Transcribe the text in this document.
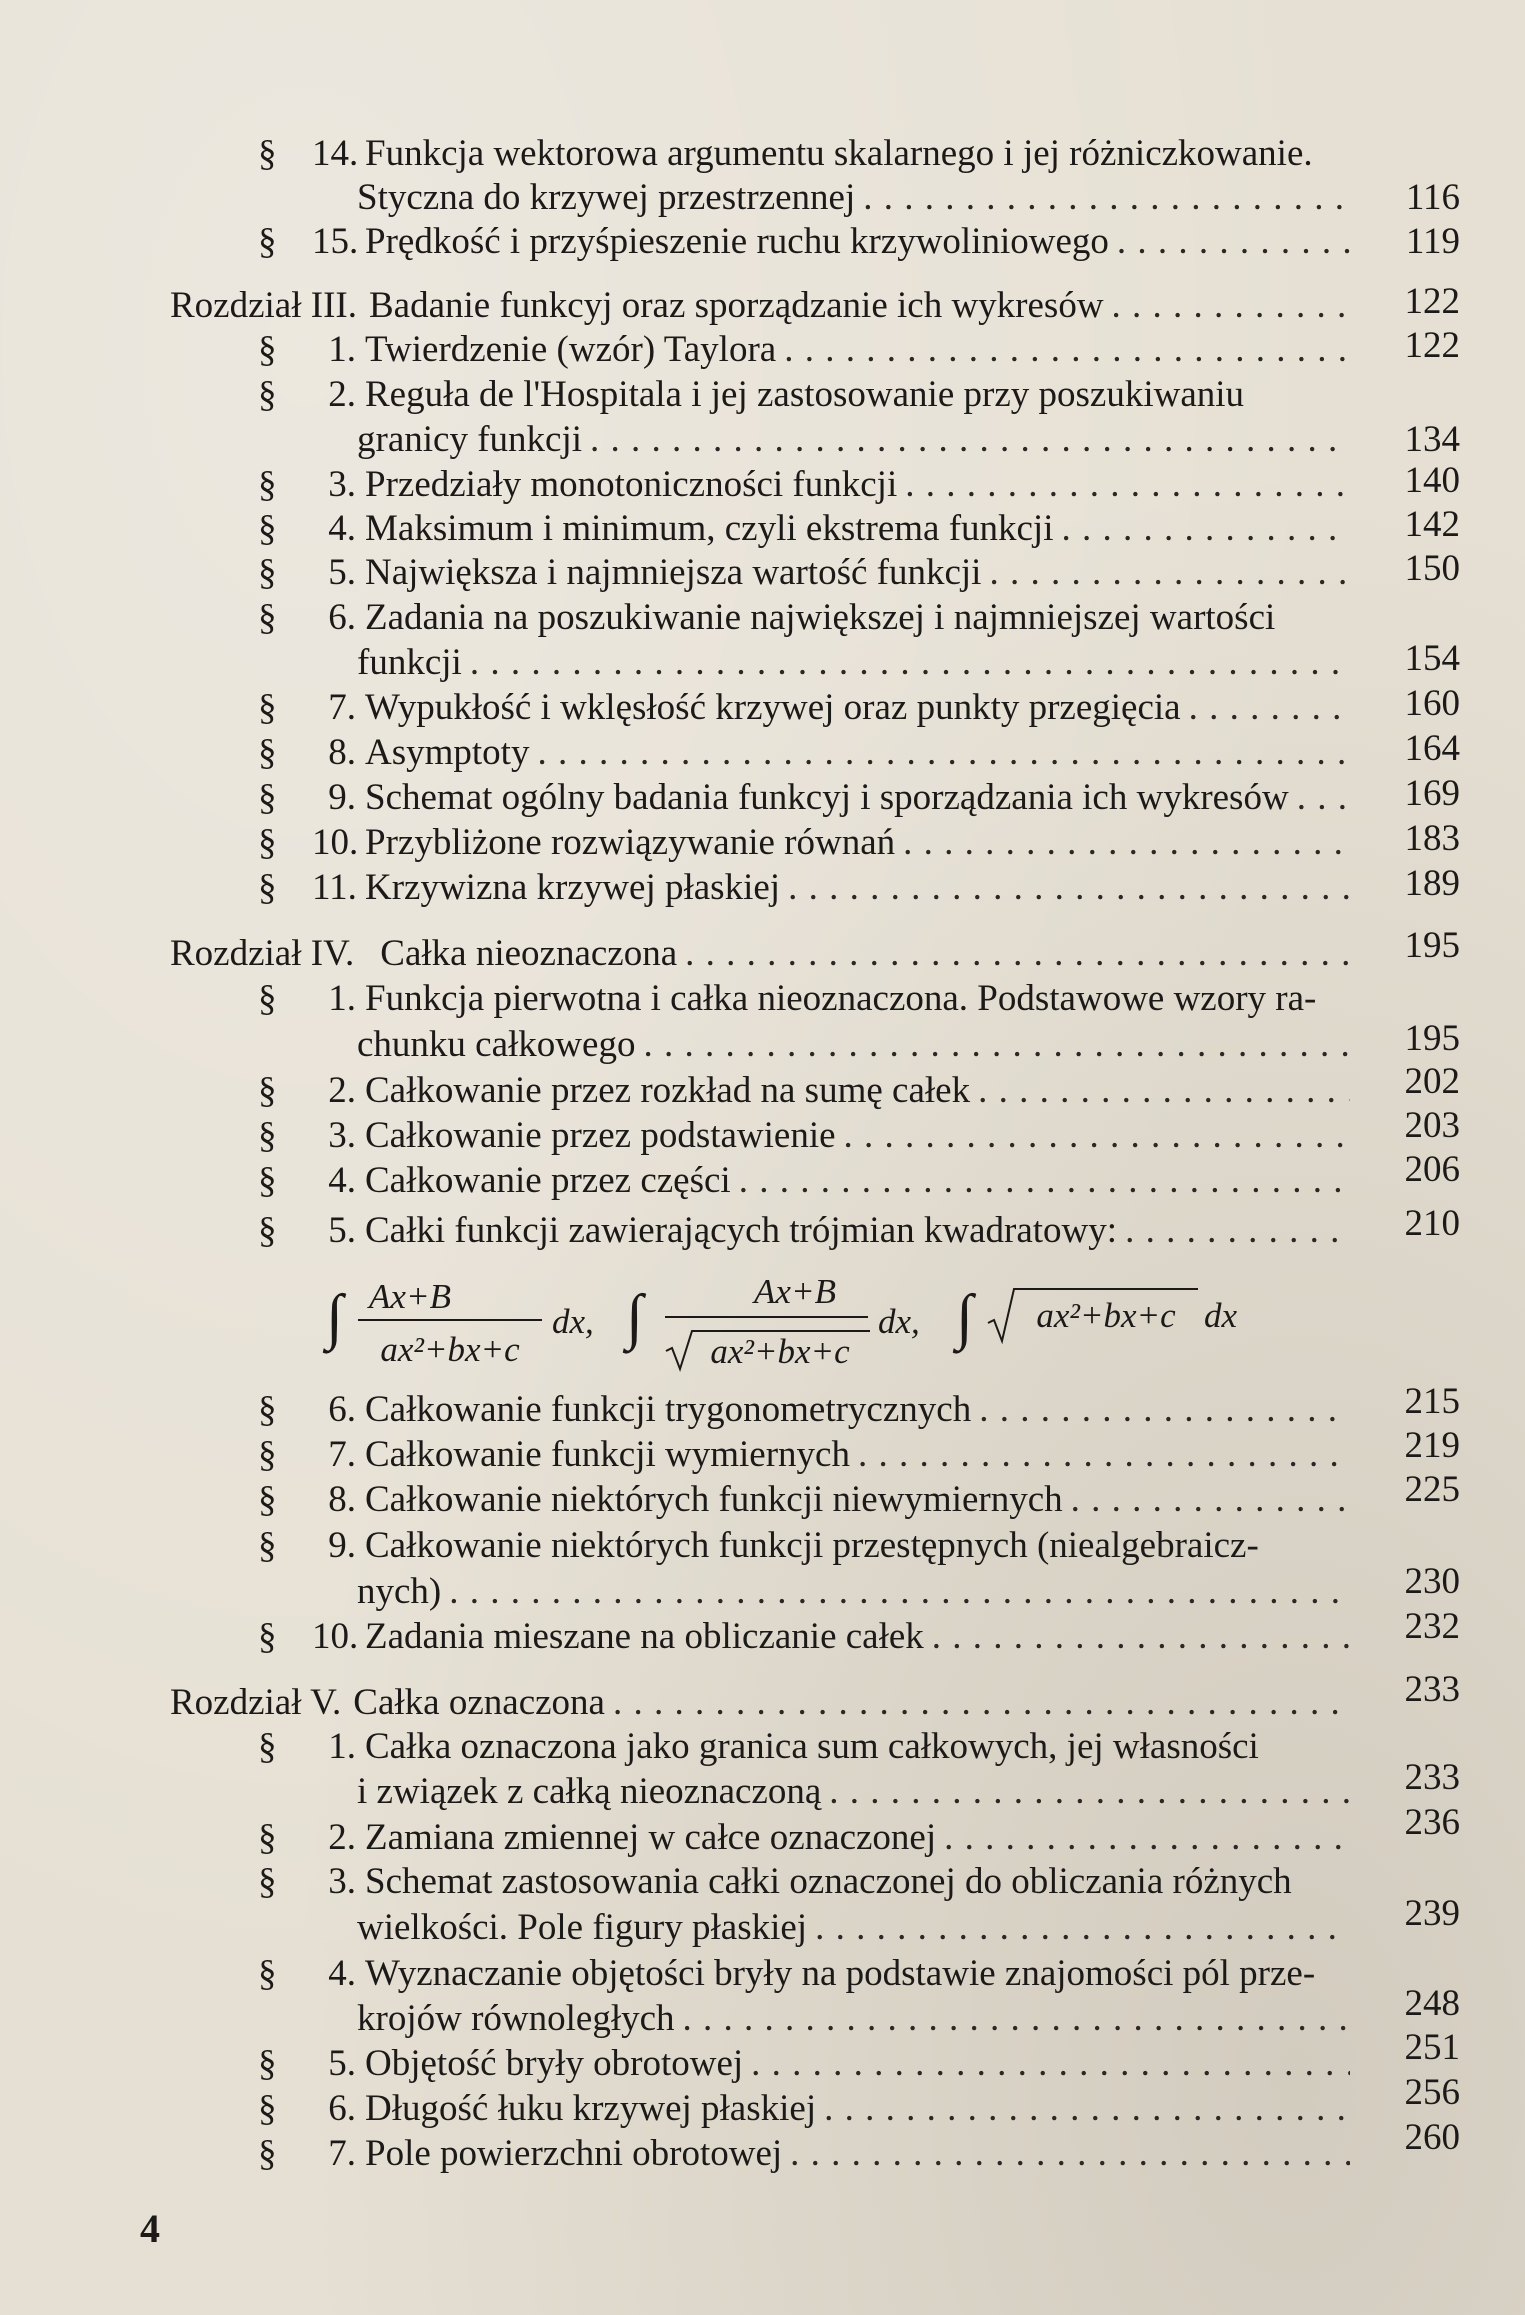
§ 14. Funkcja wektorowa argumentu skalarnego i jej różniczkowanie.
Styczna do krzywej przestrzennej . . .	116
§ 15. Prędkość i przyśpieszenie ruchu krzywoliniowego . . .	119
Rozdział III. Badanie funkcyj oraz sporządzanie ich wykresów . . .	122
§	1. Twierdzenie (wzór) Taylora . . .	122
§	2. Reguła de l'Hospitala i jej zastosowanie przy poszukiwaniu
granicy funkcji . . .	134
§	3. Przedziały monotoniczności funkcji . . .	140
§	4. Maksimum i minimum, czyli ekstrema funkcji . . .	142
§	5. Największa i najmniejsza wartość funkcji . . .	150
§	6. Zadania na poszukiwanie największej i najmniejszej wartości
funkcji . . .	154
§	7. Wypukłość i wklęsłość krzywej oraz punkty przegięcia . . .	160
§	8. Asymptoty . . .	164
§	9. Schemat ogólny badania funkcyj i sporządzania ich wykresów . . .	169
§ 10. Przybliżone rozwiązywanie równań . . .	183
§ 11. Krzywizna krzywej płaskiej . . .	189
Rozdział IV. Całka nieoznaczona . . .	195
§	1. Funkcja pierwotna i całka nieoznaczona. Podstawowe wzory ra-
chunku całkowego . . .	195
§	2. Całkowanie przez rozkład na sumę całek . . .	202
§	3. Całkowanie przez podstawienie . . .	203
§	4. Całkowanie przez części . . .	206
§	5. Całki funkcji zawierających trójmian kwadratowy: . . .	210
∫ Ax+B
ax²+bx+c
dx, ∫	Ax+B
ax²+bx+c
dx, ∫ ax²+bx+c dx
§	6. Całkowanie funkcji trygonometrycznych . . .	215
§	7. Całkowanie funkcji wymiernych . . .	219
§	8. Całkowanie niektórych funkcji niewymiernych . . .	225
§	9. Całkowanie niektórych funkcji przestępnych (niealgebraicz-
nych) . . .	230
§ 10. Zadania mieszane na obliczanie całek . . .	232
Rozdział V. Całka oznaczona . . .	233
§	1. Całka oznaczona jako granica sum całkowych, jej własności
i związek z całką nieoznaczoną . . .	233
§	2. Zamiana zmiennej w całce oznaczonej . . .	236
§	3. Schemat zastosowania całki oznaczonej do obliczania różnych
wielkości. Pole figury płaskiej . . .	239
§	4. Wyznaczanie objętości bryły na podstawie znajomości pól prze-
krojów równoległych . . .	248
§	5. Objętość bryły obrotowej . . .	251
§	6. Długość łuku krzywej płaskiej . . .	256
§	7. Pole powierzchni obrotowej . . .	260
4
